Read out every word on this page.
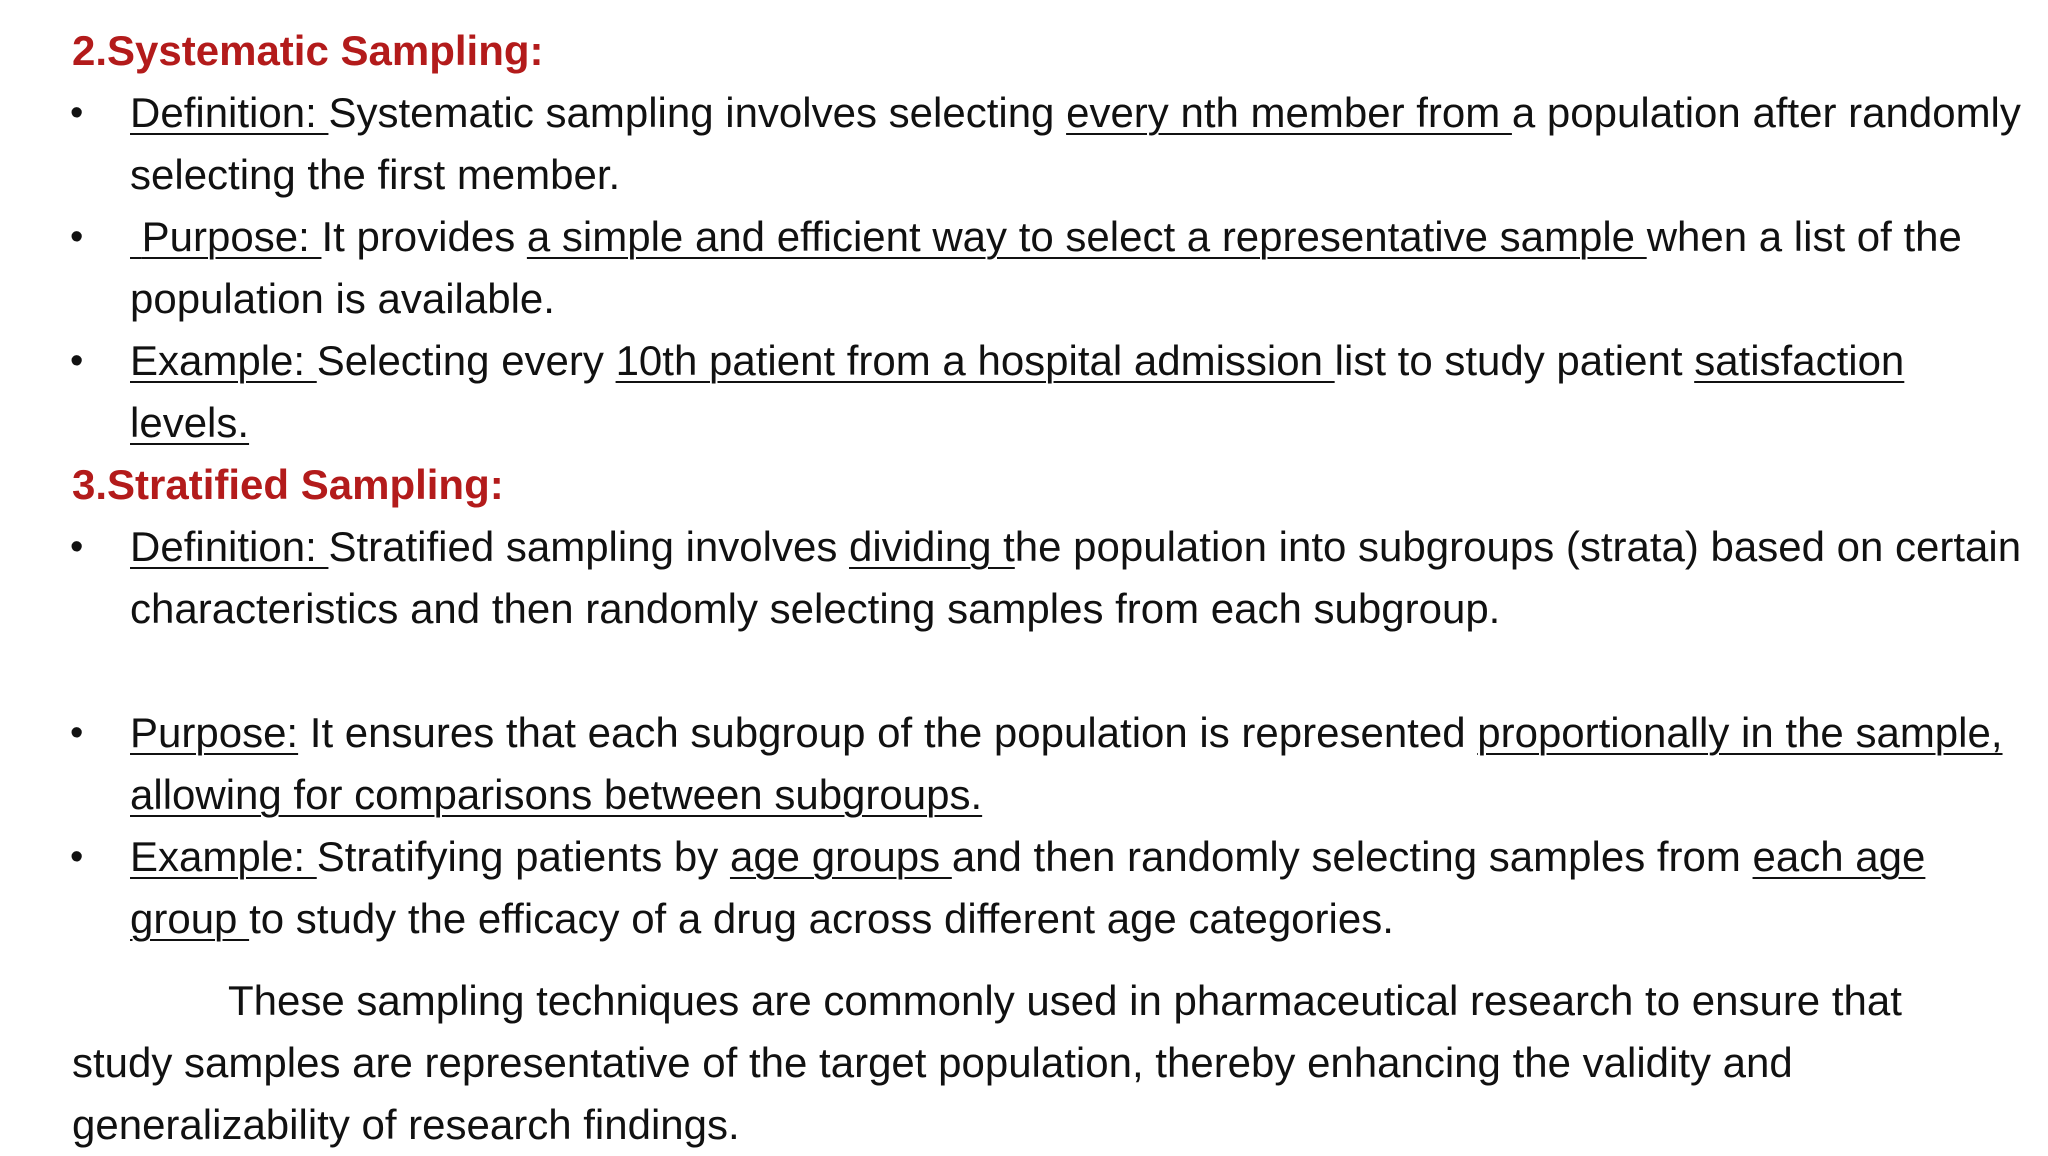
2.Systematic Sampling:
•	Definition: Systematic sampling involves selecting every nth member from a population after randomly selecting the first member.
•	Purpose: It provides a simple and efficient way to select a representative sample when a list of the population is available.
•	Example: Selecting every 10th patient from a hospital admission list to study patient satisfaction levels.
3.Stratified Sampling:
•	Definition: Stratified sampling involves dividing the population into subgroups (strata) based on certain characteristics and then randomly selecting samples from each subgroup.
•	Purpose: It ensures that each subgroup of the population is represented proportionally in the sample, allowing for comparisons between subgroups.
•	Example: Stratifying patients by age groups and then randomly selecting samples from each age group to study the efficacy of a drug across different age categories.

These sampling techniques are commonly used in pharmaceutical research to ensure that study samples are representative of the target population, thereby enhancing the validity and generalizability of research findings.
